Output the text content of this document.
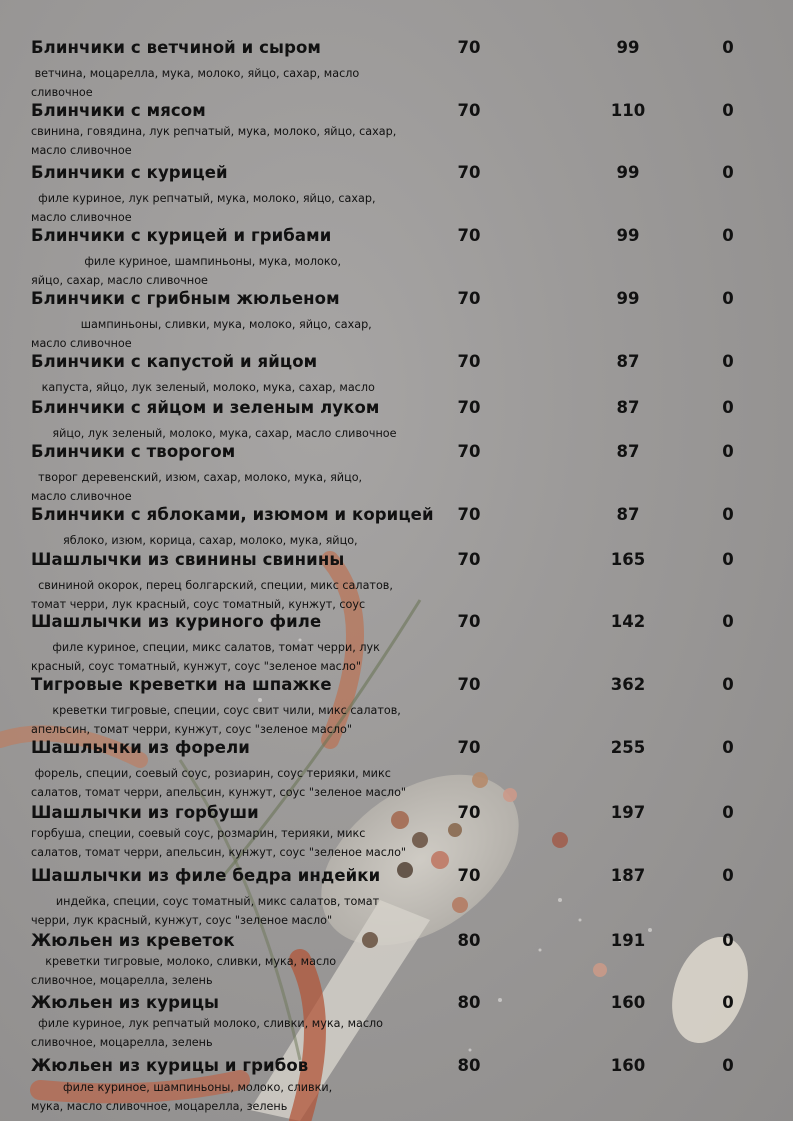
Блинчики с ветчиной и сыром	70	99	0
ветчина, моцарелла, мука, молоко, яйцо, сахар, масло
сливочное
Блинчики с мясом	70	110	0
свинина, говядина, лук репчатый, мука, молоко, яйцо, сахар,
масло сливочное
Блинчики с курицей	70	99	0
филе куриное, лук репчатый, мука, молоко, яйцо, сахар,
масло сливочное
Блинчики с курицей и грибами	70	99	0
филе куриное, шампиньоны, мука, молоко,
яйцо, сахар, масло сливочное
Блинчики с грибным жюльеном	70	99	0
шампиньоны, сливки, мука, молоко, яйцо, сахар,
масло сливочное
Блинчики с капустой и яйцом	70	87	0
капуста, яйцо, лук зеленый, молоко, мука, сахар, масло
Блинчики с яйцом и зеленым луком	70	87	0
яйцо, лук зеленый, молоко, мука, сахар, масло сливочное
Блинчики с творогом	70	87	0
творог деревенский, изюм, сахар, молоко, мука, яйцо,
масло сливочное
Блинчики с яблоками, изюмом и корицей	70	87	0
яблоко, изюм, корица, сахар, молоко, мука, яйцо,
Шашлычки из свинины свинины	70	165	0
свининой окорок, перец болгарский, специи, микс салатов,
томат черри, лук красный, соус томатный, кунжут, соус
Шашлычки из куриного филе	70	142	0
филе куриное, специи, микс салатов, томат черри, лук
красный, соус томатный, кунжут, соус "зеленое масло"
Тигровые креветки на шпажке	70	362	0
креветки тигровые, специи, соус свит чили, микс салатов,
апельсин, томат черри, кунжут, соус "зеленое масло"
Шашлычки из форели	70	255	0
форель, специи, соевый соус, розиарин, соус терияки, микс
салатов, томат черри, апельсин, кунжут, соус "зеленое масло"
Шашлычки из горбуши	70	197	0
горбуша, специи, соевый соус, розмарин, терияки, микс
салатов, томат черри, апельсин, кунжут, соус "зеленое масло"
Шашлычки из филе бедра индейки	70	187	0
индейка, специи, соус томатный, микс салатов, томат
черри, лук красный, кунжут, соус "зеленое масло"
Жюльен из креветок	80	191	0
креветки тигровые, молоко, сливки, мука, масло
сливочное, моцарелла, зелень
Жюльен из курицы	80	160	0
филе куриное, лук репчатый молоко, сливки, мука, масло
сливочное, моцарелла, зелень
Жюльен из курицы и грибов	80	160	0
филе куриное, шампиньоны, молоко, сливки,
мука, масло сливочное, моцарелла, зелень
